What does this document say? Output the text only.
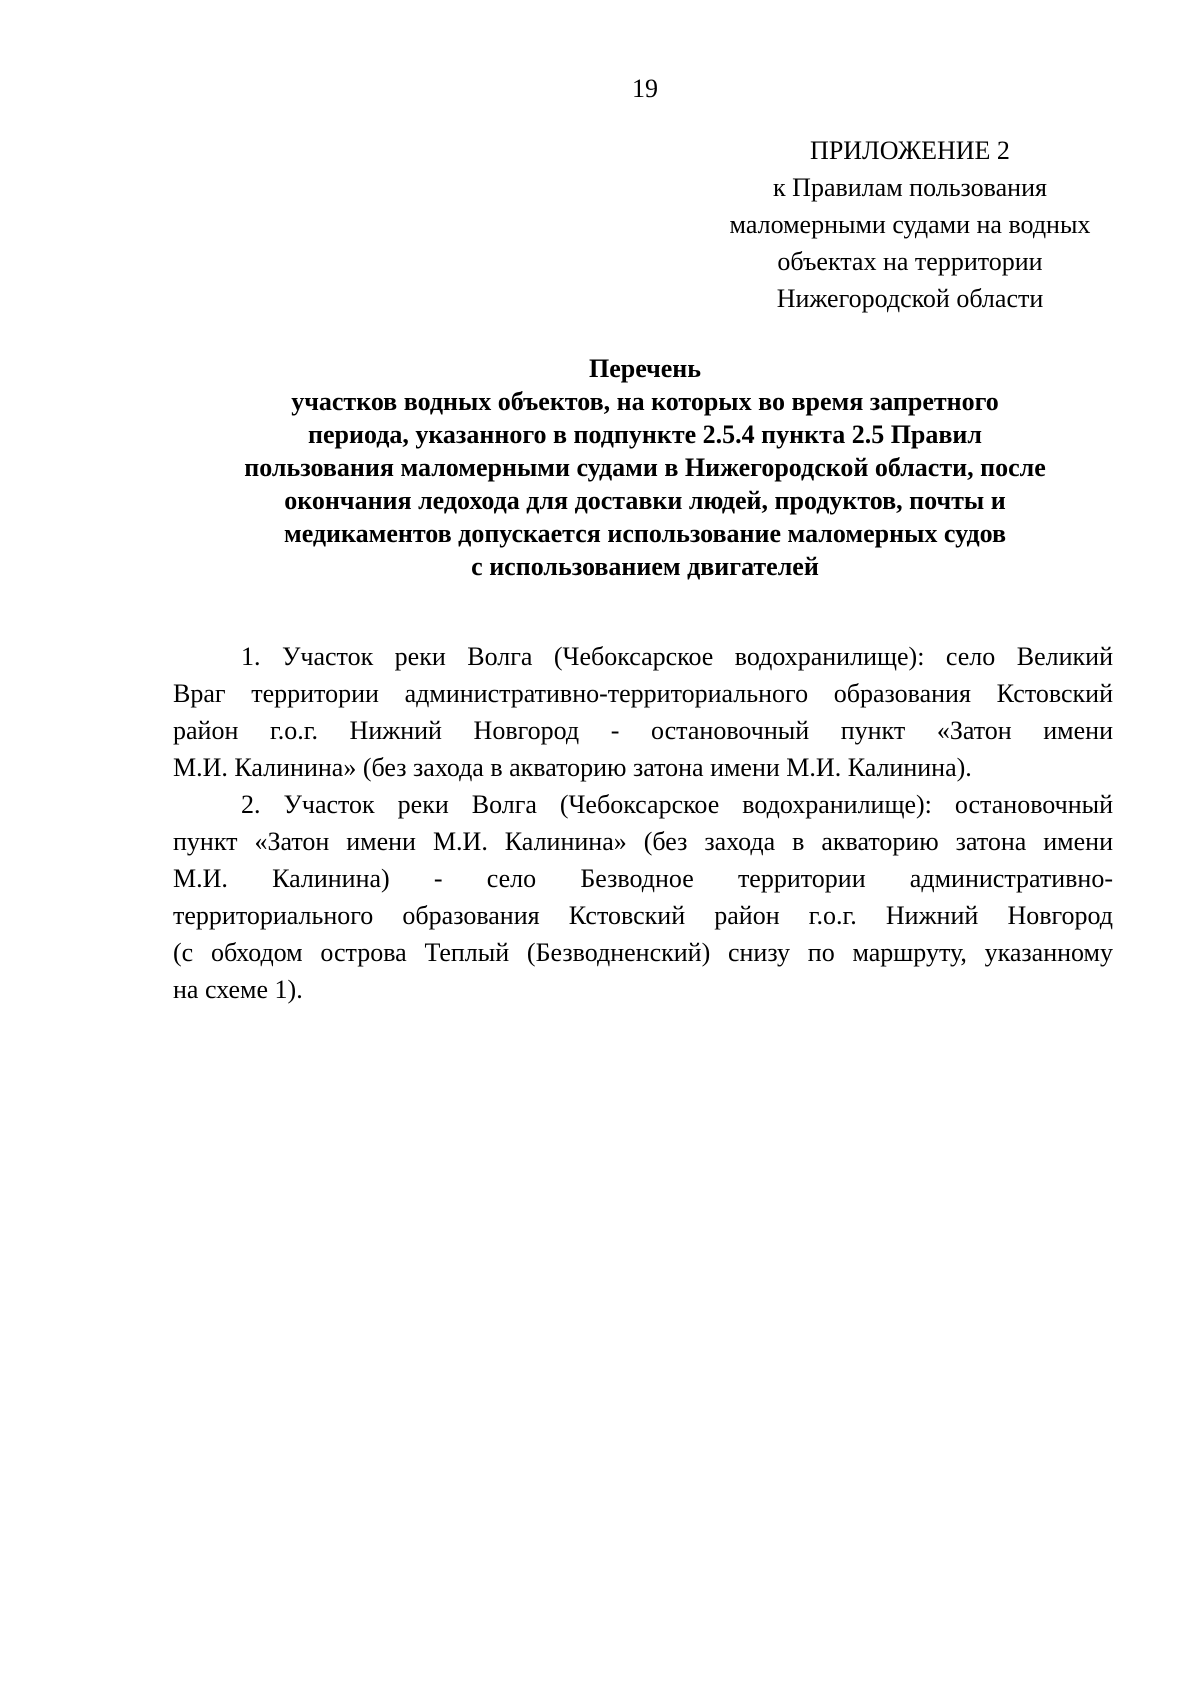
19
ПРИЛОЖЕНИЕ 2
к Правилам пользования
маломерными судами на водных
объектах на территории
Нижегородской области
Перечень
участков водных объектов, на которых во время запретного
периода, указанного в подпункте 2.5.4 пункта 2.5 Правил
пользования маломерными судами в Нижегородской области, после
окончания ледохода для доставки людей, продуктов, почты и
медикаментов допускается использование маломерных судов
с использованием двигателей
1. Участок реки Волга (Чебоксарское водохранилище): село Великий
Враг территории административно-территориального образования Кстовский
район г.о.г. Нижний Новгород - остановочный пункт «Затон имени
М.И. Калинина» (без захода в акваторию затона имени М.И. Калинина).
2. Участок реки Волга (Чебоксарское водохранилище): остановочный
пункт «Затон имени М.И. Калинина» (без захода в акваторию затона имени
М.И. Калинина) - село Безводное территории административно-
территориального образования Кстовский район г.о.г. Нижний Новгород
(с обходом острова Теплый (Безводненский) снизу по маршруту, указанному
на схеме 1).
